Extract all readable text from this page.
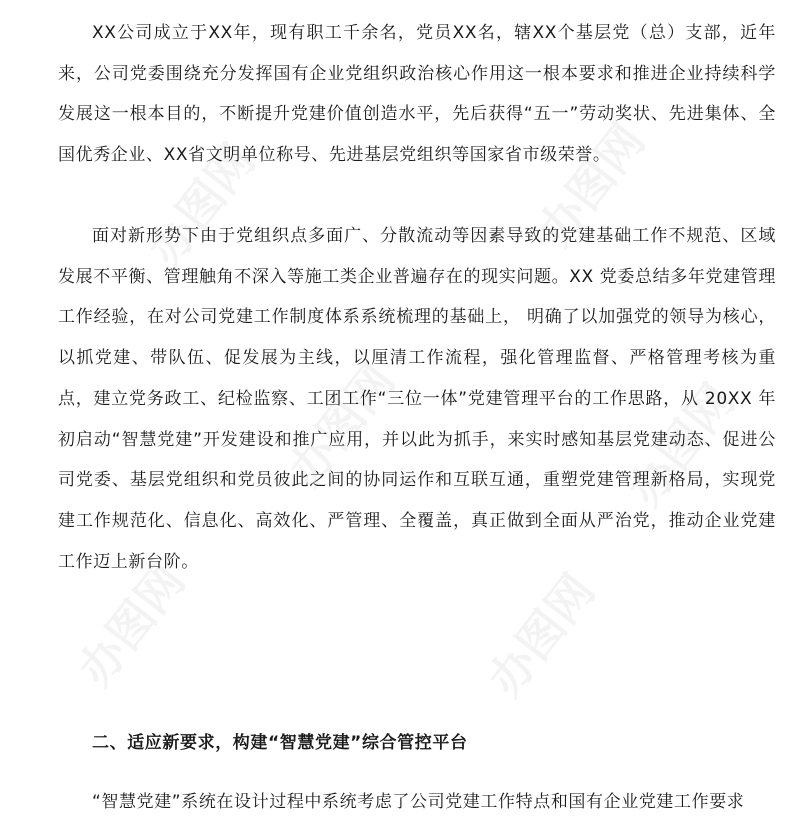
XX公司成立于XX年，现有职工千余名，党员XX名，辖XX个基层党（总）支部，近年来，公司党委围绕充分发挥国有企业党组织政治核心作用这一根本要求和推进企业持续科学发展这一根本目的，不断提升党建价值创造水平，先后获得“五一”劳动奖状、先进集体、全国优秀企业、XX省文明单位称号、先进基层党组织等国家省市级荣誉。

面对新形势下由于党组织点多面广、分散流动等因素导致的党建基础工作不规范、区域发展不平衡、管理触角不深入等施工类企业普遍存在的现实问题。XX 党委总结多年党建管理工作经验，在对公司党建工作制度体系系统梳理的基础上， 明确了以加强党的领导为核心，以抓党建、带队伍、促发展为主线，以厘清工作流程，强化管理监督、严格管理考核为重点，建立党务政工、纪检监察、工团工作“三位一体”党建管理平台的工作思路，从 20XX 年初启动“智慧党建”开发建设和推广应用，并以此为抓手，来实时感知基层党建动态、促进公司党委、基层党组织和党员彼此之间的协同运作和互联互通，重塑党建管理新格局，实现党建工作规范化、信息化、高效化、严管理、全覆盖，真正做到全面从严治党，推动企业党建工作迈上新台阶。

二、适应新要求，构建“智慧党建”综合管控平台

“智慧党建”系统在设计过程中系统考虑了公司党建工作特点和国有企业党建工作要求
